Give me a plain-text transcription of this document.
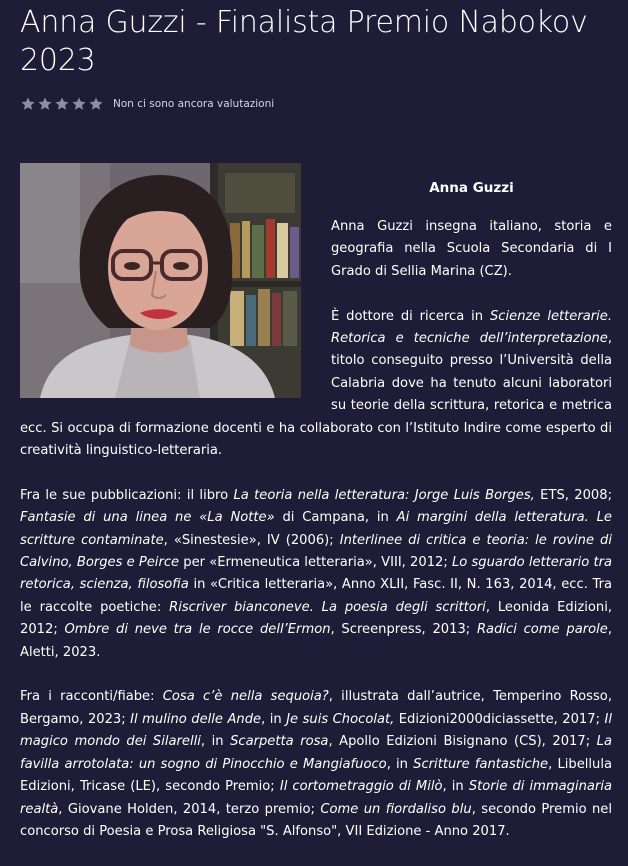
Anna Guzzi - Finalista Premio Nabokov 2023
Non ci sono ancora valutazioni
Anna Guzzi

Anna Guzzi insegna italiano, storia e geografia nella Scuola Secondaria di I Grado di Sellia Marina (CZ).

È dottore di ricerca in Scienze letterarie. Retorica e tecniche dell’interpretazione, titolo conseguito presso l’Università della Calabria dove ha tenuto alcuni laboratori su teorie della scrittura, retorica e metrica ecc. Si occupa di formazione docenti e ha collaborato con l’Istituto Indire come esperto di creatività linguistico-letteraria.

Fra le sue pubblicazioni: il libro La teoria nella letteratura: Jorge Luis Borges, ETS, 2008; Fantasie di una linea ne «La Notte» di Campana, in Ai margini della letteratura. Le scritture contaminate, «Sinestesie», IV (2006); Interlinee di critica e teoria: le rovine di Calvino, Borges e Peirce per «Ermeneutica letteraria», VIII, 2012; Lo sguardo letterario tra retorica, scienza, filosofia in «Critica letteraria», Anno XLII, Fasc. II, N. 163, 2014, ecc. Tra le raccolte poetiche: Riscriver bianconeve. La poesia degli scrittori, Leonida Edizioni, 2012; Ombre di neve tra le rocce dell’Ermon, Screenpress, 2013; Radici come parole, Aletti, 2023.

Fra i racconti/fiabe: Cosa c’è nella sequoia?, illustrata dall’autrice, Temperino Rosso, Bergamo, 2023; Il mulino delle Ande, in Je suis Chocolat, Edizioni2000diciassette, 2017; Il magico mondo dei Silarelli, in Scarpetta rosa, Apollo Edizioni Bisignano (CS), 2017; La favilla arrotolata: un sogno di Pinocchio e Mangiafuoco, in Scritture fantastiche, Libellula Edizioni, Tricase (LE), secondo Premio; Il cortometraggio di Milò, in Storie di immaginaria realtà, Giovane Holden, 2014, terzo premio; Come un fiordaliso blu, secondo Premio nel concorso di Poesia e Prosa Religiosa "S. Alfonso", VII Edizione - Anno 2017.
